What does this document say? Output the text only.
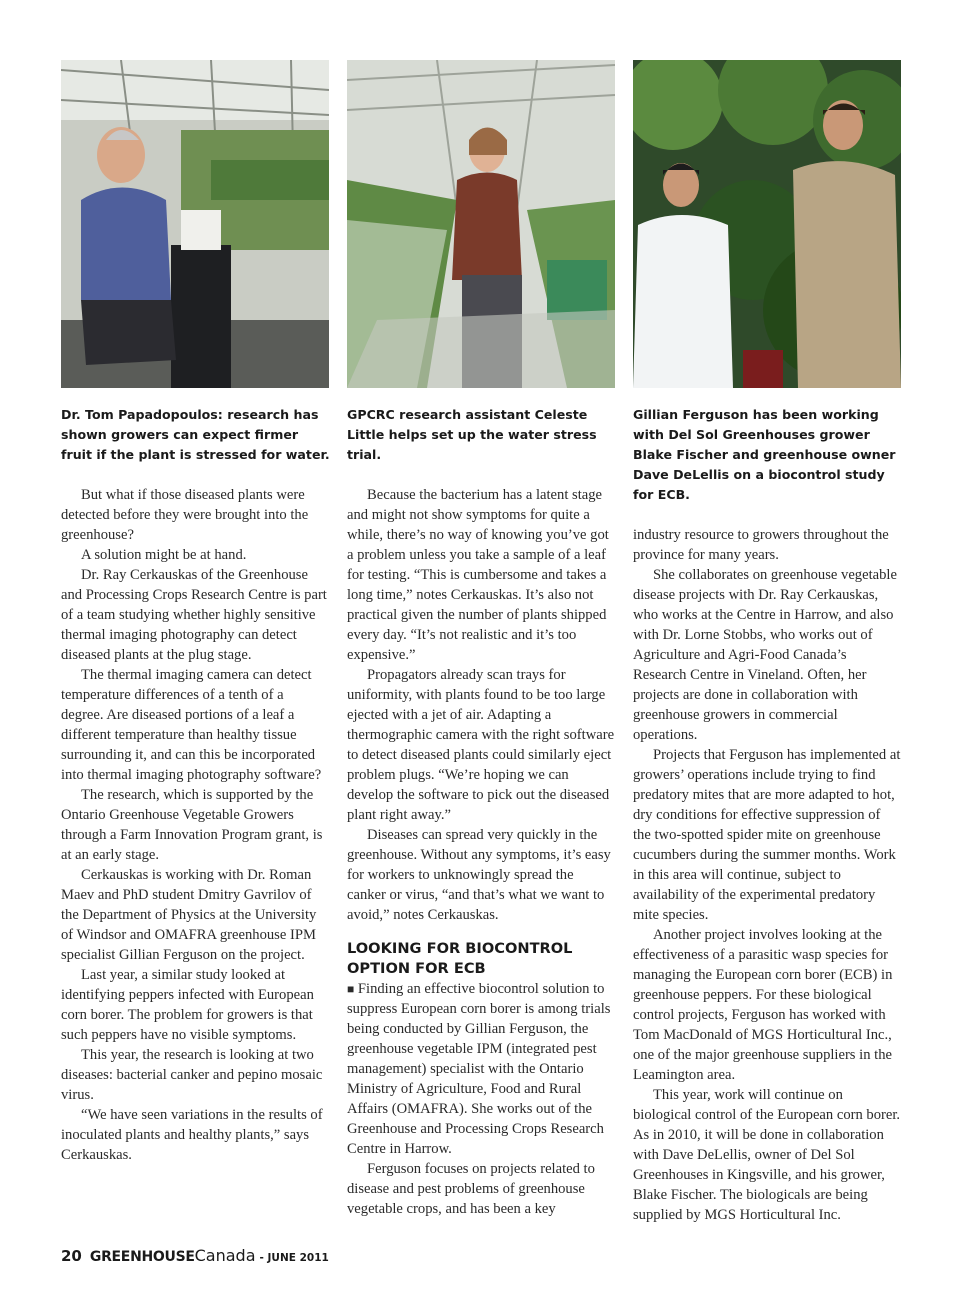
Dr. Tom Papadopoulos: research has shown growers can expect firmer fruit if the plant is stressed for water.
GPCRC research assistant Celeste Little helps set up the water stress trial.
Gillian Ferguson has been working with Del Sol Greenhouses grower Blake Fischer and greenhouse owner Dave DeLellis on a biocontrol study for ECB.

But what if those diseased plants were detected before they were brought into the greenhouse?

A solution might be at hand.

Dr. Ray Cerkauskas of the Greenhouse and Processing Crops Research Centre is part of a team studying whether highly sensitive thermal imaging photography can detect diseased plants at the plug stage.

The thermal imaging camera can detect temperature differences of a tenth of a degree. Are diseased portions of a leaf a different temperature than healthy tissue surrounding it, and can this be incorporated into thermal imaging photography software?

The research, which is supported by the Ontario Greenhouse Vegetable Growers through a Farm Innovation Program grant, is at an early stage.

Cerkauskas is working with Dr. Roman Maev and PhD student Dmitry Gavrilov of the Department of Physics at the University of Windsor and OMAFRA greenhouse IPM specialist Gillian Ferguson on the project.

Last year, a similar study looked at identifying peppers infected with European corn borer. The problem for growers is that such peppers have no visible symptoms.

This year, the research is looking at two diseases: bacterial canker and pepino mosaic virus.

“We have seen variations in the results of inoculated plants and healthy plants,” says Cerkauskas.

Because the bacterium has a latent stage and might not show symptoms for quite a while, there’s no way of knowing you’ve got a problem unless you take a sample of a leaf for testing. “This is cumbersome and takes a long time,” notes Cerkauskas. It’s also not practical given the number of plants shipped every day. “It’s not realistic and it’s too expensive.”

Propagators already scan trays for uniformity, with plants found to be too large ejected with a jet of air. Adapting a thermographic camera with the right software to detect diseased plants could similarly eject problem plugs. “We’re hoping we can develop the software to pick out the diseased plant right away.”

Diseases can spread very quickly in the greenhouse. Without any symptoms, it’s easy for workers to unknowingly spread the canker or virus, “and that’s what we want to avoid,” notes Cerkauskas.

LOOKING FOR BIOCONTROL OPTION FOR ECB

■ Finding an effective biocontrol solution to suppress European corn borer is among trials being conducted by Gillian Ferguson, the greenhouse vegetable IPM (integrated pest management) specialist with the Ontario Ministry of Agriculture, Food and Rural Affairs (OMAFRA). She works out of the Greenhouse and Processing Crops Research Centre in Harrow.

Ferguson focuses on projects related to disease and pest problems of greenhouse vegetable crops, and has been a key

industry resource to growers throughout the province for many years.

She collaborates on greenhouse vegetable disease projects with Dr. Ray Cerkauskas, who works at the Centre in Harrow, and also with Dr. Lorne Stobbs, who works out of Agriculture and Agri-Food Canada’s Research Centre in Vineland. Often, her projects are done in collaboration with greenhouse growers in commercial operations.

Projects that Ferguson has implemented at growers’ operations include trying to find predatory mites that are more adapted to hot, dry conditions for effective suppression of the two-spotted spider mite on greenhouse cucumbers during the summer months. Work in this area will continue, subject to availability of the experimental predatory mite species.

Another project involves looking at the effectiveness of a parasitic wasp species for managing the European corn borer (ECB) in greenhouse peppers. For these biological control projects, Ferguson has worked with Tom MacDonald of MGS Horticultural Inc., one of the major greenhouse suppliers in the Leamington area.

This year, work will continue on biological control of the European corn borer. As in 2010, it will be done in collaboration with Dave DeLellis, owner of Del Sol Greenhouses in Kingsville, and his grower, Blake Fischer. The biologicals are being supplied by MGS Horticultural Inc.

20 GREENHOUSE Canada - JUNE 2011
